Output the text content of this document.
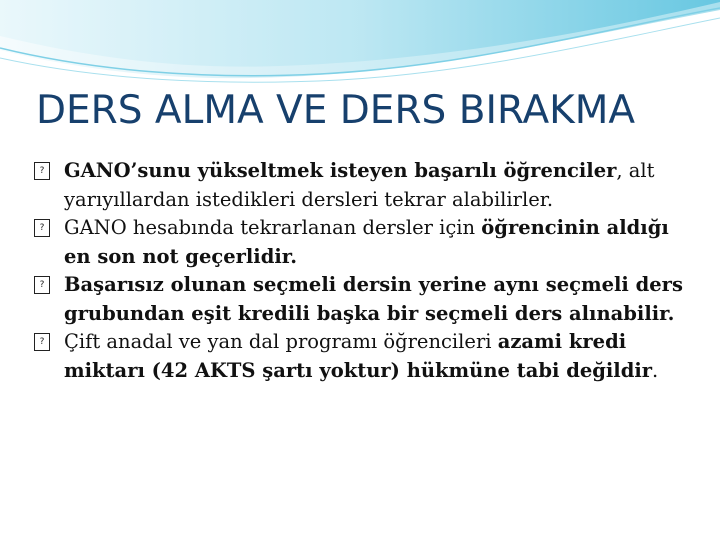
DERS ALMA VE DERS BIRAKMA
? GANO’sunu yükseltmek isteyen başarılı öğrenciler, alt yarıyıllardan istedikleri dersleri tekrar alabilirler.
? GANO hesabında tekrarlanan dersler için öğrencinin aldığı en son not geçerlidir.
? Başarısız olunan seçmeli dersin yerine aynı seçmeli ders grubundan eşit kredili başka bir seçmeli ders alınabilir.
? Çift anadal ve yan dal programı öğrencileri azami kredi miktarı (42 AKTS şartı yoktur) hükmüne tabi değildir.
